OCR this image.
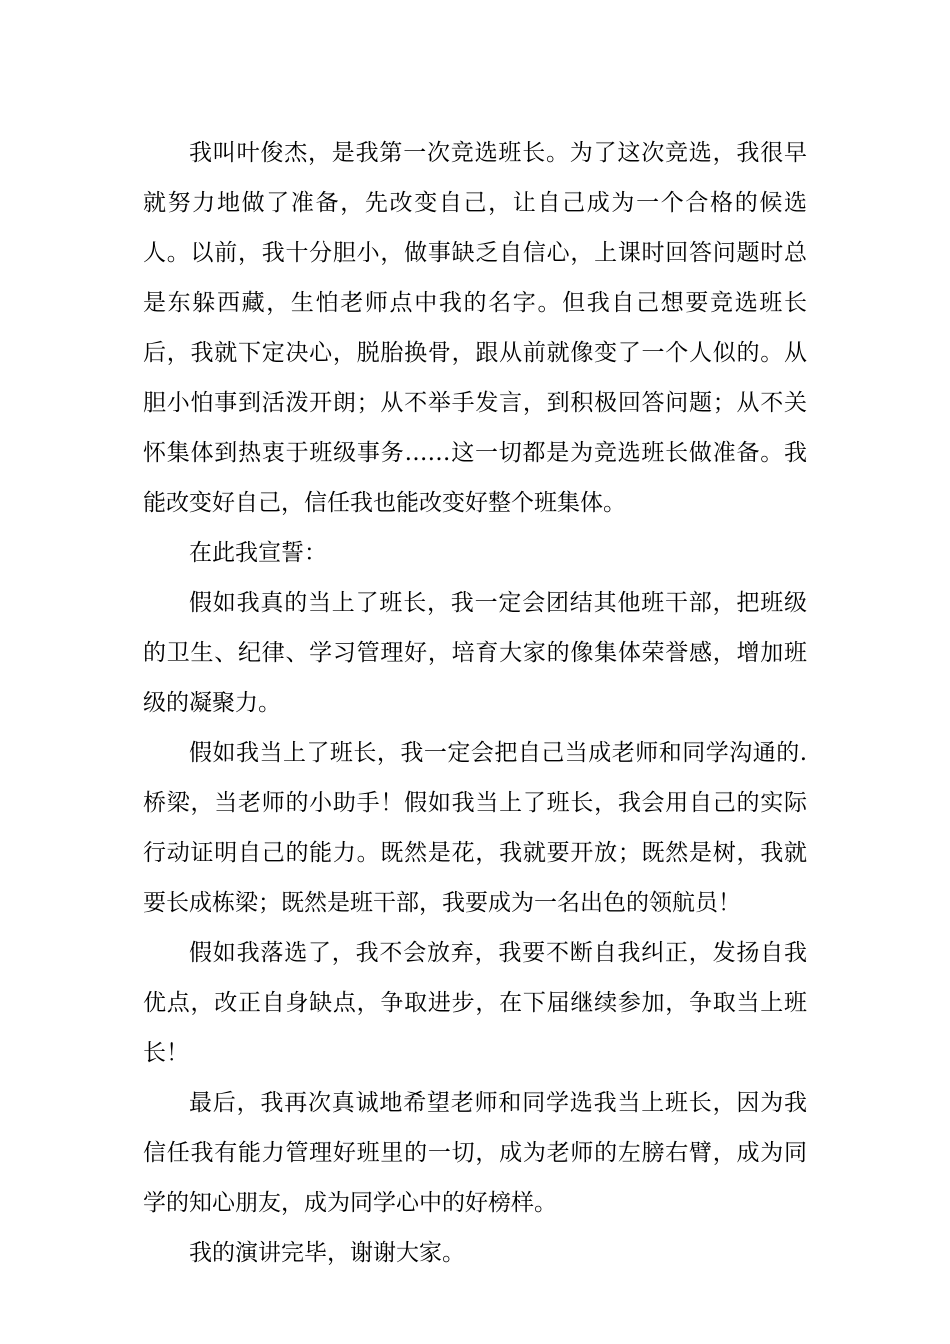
我叫叶俊杰，是我第一次竞选班长。为了这次竞选，我很早就努力地做了准备，先改变自己，让自己成为一个合格的候选人。以前，我十分胆小，做事缺乏自信心，上课时回答问题时总是东躲西藏，生怕老师点中我的名字。但我自己想要竞选班长后，我就下定决心，脱胎换骨，跟从前就像变了一个人似的。从胆小怕事到活泼开朗；从不举手发言，到积极回答问题；从不关怀集体到热衷于班级事务……这一切都是为竞选班长做准备。我能改变好自己，信任我也能改变好整个班集体。

在此我宣誓：

假如我真的当上了班长，我一定会团结其他班干部，把班级的卫生、纪律、学习管理好，培育大家的像集体荣誉感，增加班级的凝聚力。

假如我当上了班长，我一定会把自己当成老师和同学沟通的.桥梁，当老师的小助手！假如我当上了班长，我会用自己的实际行动证明自己的能力。既然是花，我就要开放；既然是树，我就要长成栋梁；既然是班干部，我要成为一名出色的领航员！

假如我落选了，我不会放弃，我要不断自我纠正，发扬自我优点，改正自身缺点，争取进步，在下届继续参加，争取当上班长！

最后，我再次真诚地希望老师和同学选我当上班长，因为我信任我有能力管理好班里的一切，成为老师的左膀右臂，成为同学的知心朋友，成为同学心中的好榜样。

我的演讲完毕，谢谢大家。
